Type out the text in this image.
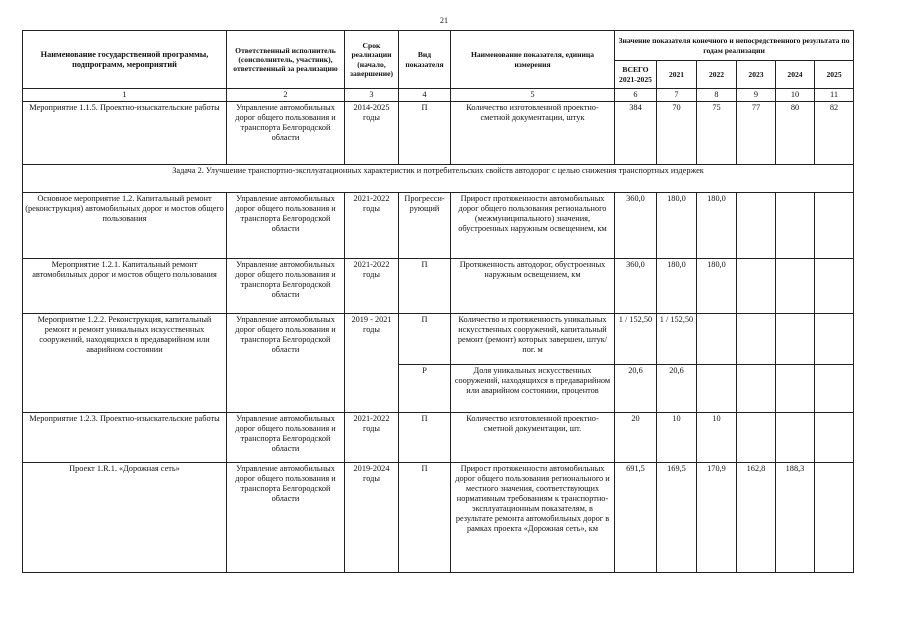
21
Наименование государственной программы, подпрограмм, мероприятий	Ответственный исполнитель (соисполнитель, участник), ответственный за реализацию	Срок реализации (начало, завершение)	Вид показателя	Наименование показателя, единица измерения	Значение показателя конечного и непосредственного результата по годам реализации					
					ВСЕГО 2021-2025	2021	2022	2023	2024	2025
1	2	3	4	5	6	7	8	9	10	11
Мероприятие 1.1.5. Проектно-изыскательские работы	Управление автомобильных дорог общего пользования и транспорта Белгородской области	2014-2025 годы	П	Количество изготовленной проектно-сметной документации, штук	384	70	75	77	80	82
Задача 2. Улучшение транспортно-эксплуатационных характеристик и потребительских свойств автодорог с целью снижения транспортных издержек										
Основное мероприятие 1.2. Капитальный ремонт (реконструкция) автомобильных дорог и мостов общего пользования	Управление автомобильных дорог общего пользования и транспорта Белгородской области	2021-2022 годы	Прогресси-рующий	Прирост протяженности автомобильных дорог общего пользования регионального (межмуниципального) значения, обустроенных наружным освещением, км	360,0	180,0	180,0			
Мероприятие 1.2.1. Капитальный ремонт автомобильных дорог и мостов общего пользования	Управление автомобильных дорог общего пользования и транспорта Белгородской области	2021-2022 годы	П	Протяженность автодорог, обустроенных наружным освещением, км	360,0	180,0	180,0			
Мероприятие 1.2.2. Реконструкция, капитальный ремонт и ремонт уникальных искусственных сооружений, находящихся в предаварийном или аварийном состоянии	Управление автомобильных дорог общего пользования и транспорта Белгородской области	2019 - 2021 годы	П	Количество и протяженность уникальных искусственных сооружений, капитальный ремонт (ремонт) которых завершен, штук/пог. м	1 / 152,50	1 / 152,50				
			Р	Доля уникальных искусственных сооружений, находящихся в предаварийном или аварийном состоянии, процентов	20,6	20,6				
Мероприятие 1.2.3. Проектно-изыскательские работы	Управление автомобильных дорог общего пользования и транспорта Белгородской области	2021-2022 годы	П	Количество изготовленной проектно-сметной документации, шт.	20	10	10			
Проект 1.R.1. «Дорожная сеть»	Управление автомобильных дорог общего пользования и транспорта Белгородской области	2019-2024 годы	П	Прирост протяженности автомобильных дорог общего пользования регионального и местного значения, соответствующих нормативным требованиям к транспортно-эксплуатационным показателям, в результате ремонта автомобильных дорог в рамках проекта «Дорожная сеть», км	691,5	169,5	170,9	162,8	188,3	
